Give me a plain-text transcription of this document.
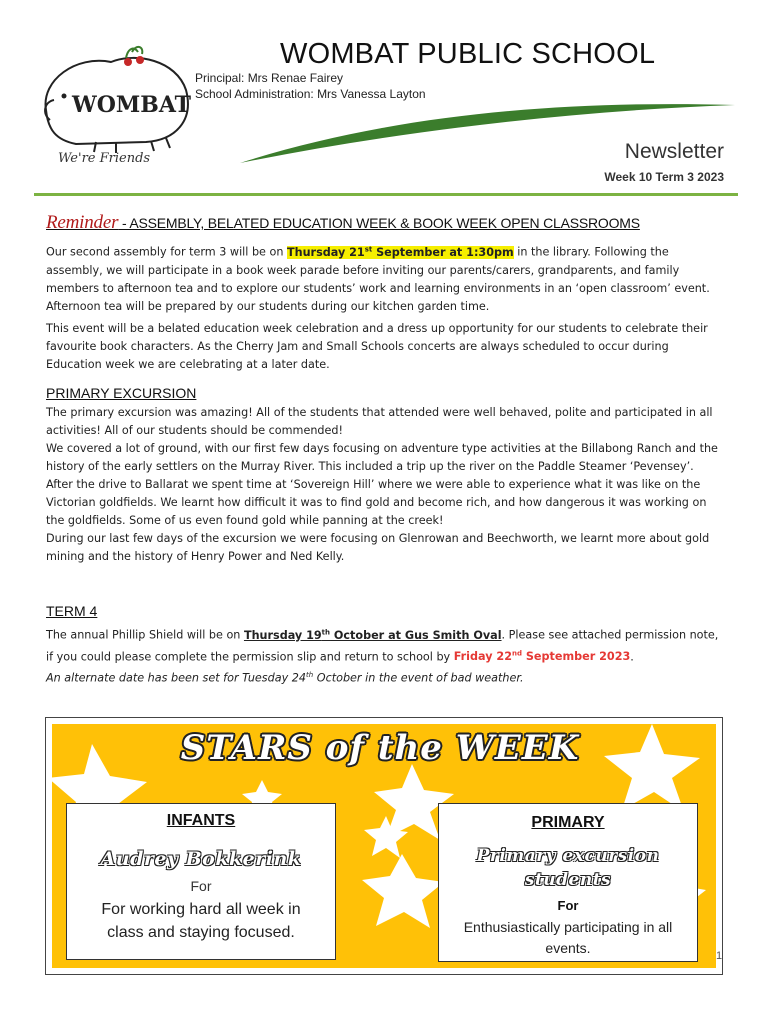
WOMBAT
We're Friends
WOMBAT PUBLIC SCHOOL
Principal: Mrs Renae Fairey
School Administration: Mrs Vanessa Layton
Newsletter
Week 10 Term 3 2023
Reminder - ASSEMBLY, BELATED EDUCATION WEEK & BOOK WEEK OPEN CLASSROOMS
Our second assembly for term 3 will be on Thursday 21st September at 1:30pm in the library. Following the assembly, we will participate in a book week parade before inviting our parents/carers, grandparents, and family members to afternoon tea and to explore our students’ work and learning environments in an ‘open classroom’ event. Afternoon tea will be prepared by our students during our kitchen garden time.
This event will be a belated education week celebration and a dress up opportunity for our students to celebrate their favourite book characters. As the Cherry Jam and Small Schools concerts are always scheduled to occur during Education week we are celebrating at a later date.
PRIMARY EXCURSION
The primary excursion was amazing! All of the students that attended were well behaved, polite and participated in all activities! All of our students should be commended!
We covered a lot of ground, with our first few days focusing on adventure type activities at the Billabong Ranch and the history of the early settlers on the Murray River. This included a trip up the river on the Paddle Steamer ‘Pevensey’.
After the drive to Ballarat we spent time at ‘Sovereign Hill’ where we were able to experience what it was like on the Victorian goldfields. We learnt how difficult it was to find gold and become rich, and how dangerous it was working on the goldfields. Some of us even found gold while panning at the creek!
During our last few days of the excursion we were focusing on Glenrowan and Beechworth, we learnt more about gold mining and the history of Henry Power and Ned Kelly.
TERM 4
The annual Phillip Shield will be on Thursday 19th October at Gus Smith Oval. Please see attached permission note, if you could please complete the permission slip and return to school by Friday 22nd September 2023.
An alternate date has been set for Tuesday 24th October in the event of bad weather.
STARS of the WEEK
INFANTS
Audrey Bokkerink
For
For working hard all week in class and staying focused.
PRIMARY
Primary excursion students
For
Enthusiastically participating in all events.	1
